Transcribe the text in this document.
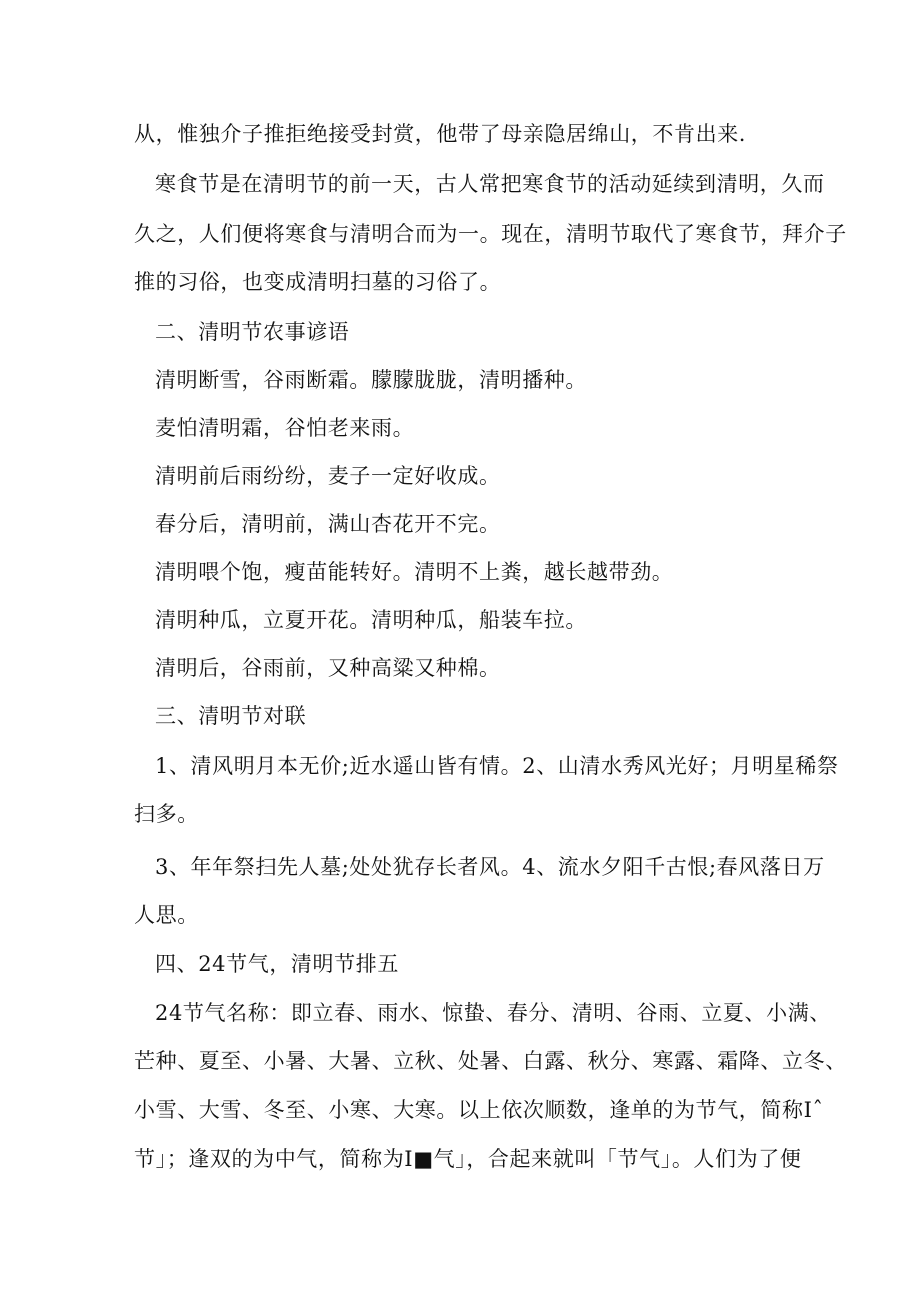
从，惟独介子推拒绝接受封赏，他带了母亲隐居绵山，不肯出来.
寒食节是在清明节的前一天，古人常把寒食节的活动延续到清明，久而
久之，人们便将寒食与清明合而为一。现在，清明节取代了寒食节，拜介子
推的习俗，也变成清明扫墓的习俗了。
二、清明节农事谚语
清明断雪，谷雨断霜。朦朦胧胧，清明播种。
麦怕清明霜，谷怕老来雨。
清明前后雨纷纷，麦子一定好收成。
春分后，清明前，满山杏花开不完。
清明喂个饱，瘦苗能转好。清明不上粪，越长越带劲。
清明种瓜，立夏开花。清明种瓜，船装车拉。
清明后，谷雨前，又种高粱又种棉。
三、清明节对联
1、清风明月本无价;近水遥山皆有情。2、山清水秀风光好；月明星稀祭
扫多。
3、年年祭扫先人墓;处处犹存长者风。4、流水夕阳千古恨;春风落日万
人思。
四、24节气，清明节排五
24节气名称：即立春、雨水、惊蛰、春分、清明、谷雨、立夏、小满、
芒种、夏至、小暑、大暑、立秋、处暑、白露、秋分、寒露、霜降、立冬、
小雪、大雪、冬至、小寒、大寒。以上依次顺数，逢单的为节气，简称Iˆ
节」；逢双的为中气，简称为I■气」，合起来就叫「节气」。人们为了便
